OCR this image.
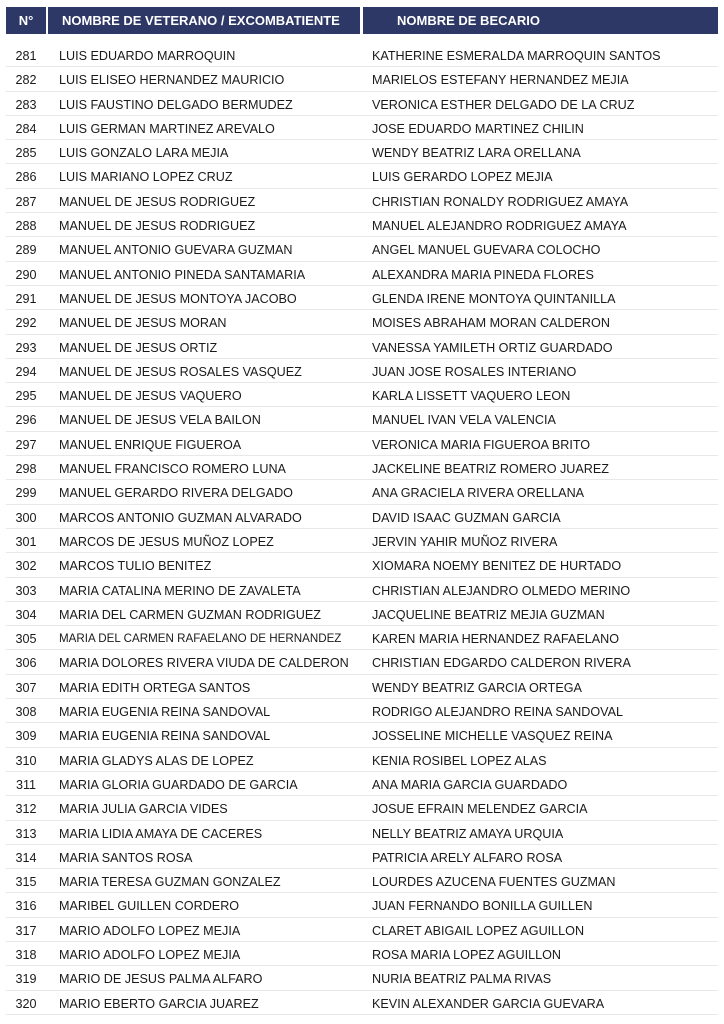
N°	NOMBRE DE VETERANO / EXCOMBATIENTE	NOMBRE DE BECARIO
281	LUIS EDUARDO MARROQUIN	KATHERINE ESMERALDA MARROQUIN SANTOS
282	LUIS ELISEO HERNANDEZ MAURICIO	MARIELOS ESTEFANY HERNANDEZ MEJIA
283	LUIS FAUSTINO DELGADO BERMUDEZ	VERONICA ESTHER DELGADO DE LA CRUZ
284	LUIS GERMAN MARTINEZ AREVALO	JOSE EDUARDO MARTINEZ CHILIN
285	LUIS GONZALO LARA MEJIA	WENDY BEATRIZ LARA ORELLANA
286	LUIS MARIANO LOPEZ CRUZ	LUIS GERARDO LOPEZ MEJIA
287	MANUEL DE JESUS RODRIGUEZ	CHRISTIAN RONALDY RODRIGUEZ AMAYA
288	MANUEL DE JESUS RODRIGUEZ	MANUEL ALEJANDRO RODRIGUEZ AMAYA
289	MANUEL ANTONIO GUEVARA GUZMAN	ANGEL MANUEL GUEVARA COLOCHO
290	MANUEL ANTONIO PINEDA SANTAMARIA	ALEXANDRA MARIA PINEDA FLORES
291	MANUEL DE JESUS MONTOYA JACOBO	GLENDA IRENE MONTOYA QUINTANILLA
292	MANUEL DE JESUS MORAN	MOISES ABRAHAM MORAN CALDERON
293	MANUEL DE JESUS ORTIZ	VANESSA YAMILETH ORTIZ GUARDADO
294	MANUEL DE JESUS ROSALES VASQUEZ	JUAN JOSE ROSALES INTERIANO
295	MANUEL DE JESUS VAQUERO	KARLA LISSETT VAQUERO LEON
296	MANUEL DE JESUS VELA BAILON	MANUEL IVAN VELA VALENCIA
297	MANUEL ENRIQUE FIGUEROA	VERONICA MARIA FIGUEROA BRITO
298	MANUEL FRANCISCO ROMERO LUNA	JACKELINE BEATRIZ ROMERO JUAREZ
299	MANUEL GERARDO RIVERA DELGADO	ANA GRACIELA RIVERA ORELLANA
300	MARCOS ANTONIO GUZMAN ALVARADO	DAVID ISAAC GUZMAN GARCIA
301	MARCOS DE JESUS MUÑOZ LOPEZ	JERVIN YAHIR MUÑOZ RIVERA
302	MARCOS TULIO BENITEZ	XIOMARA NOEMY BENITEZ DE HURTADO
303	MARIA CATALINA MERINO DE ZAVALETA	CHRISTIAN ALEJANDRO OLMEDO MERINO
304	MARIA DEL CARMEN GUZMAN RODRIGUEZ	JACQUELINE BEATRIZ MEJIA GUZMAN
305	MARIA DEL CARMEN RAFAELANO DE HERNANDEZ	KAREN MARIA HERNANDEZ RAFAELANO
306	MARIA DOLORES RIVERA VIUDA DE CALDERON	CHRISTIAN EDGARDO CALDERON RIVERA
307	MARIA EDITH ORTEGA SANTOS	WENDY BEATRIZ GARCIA ORTEGA
308	MARIA EUGENIA REINA SANDOVAL	RODRIGO ALEJANDRO REINA SANDOVAL
309	MARIA EUGENIA REINA SANDOVAL	JOSSELINE MICHELLE VASQUEZ REINA
310	MARIA GLADYS ALAS DE LOPEZ	KENIA ROSIBEL LOPEZ ALAS
311	MARIA GLORIA GUARDADO DE GARCIA	ANA MARIA GARCIA GUARDADO
312	MARIA JULIA GARCIA VIDES	JOSUE EFRAIN MELENDEZ GARCIA
313	MARIA LIDIA AMAYA DE CACERES	NELLY BEATRIZ AMAYA URQUIA
314	MARIA SANTOS ROSA	PATRICIA ARELY ALFARO ROSA
315	MARIA TERESA GUZMAN GONZALEZ	LOURDES AZUCENA FUENTES GUZMAN
316	MARIBEL GUILLEN CORDERO	JUAN FERNANDO BONILLA GUILLEN
317	MARIO ADOLFO LOPEZ MEJIA	CLARET ABIGAIL LOPEZ AGUILLON
318	MARIO ADOLFO LOPEZ MEJIA	ROSA MARIA LOPEZ AGUILLON
319	MARIO DE JESUS PALMA ALFARO	NURIA BEATRIZ PALMA RIVAS
320	MARIO EBERTO GARCIA JUAREZ	KEVIN ALEXANDER GARCIA GUEVARA
